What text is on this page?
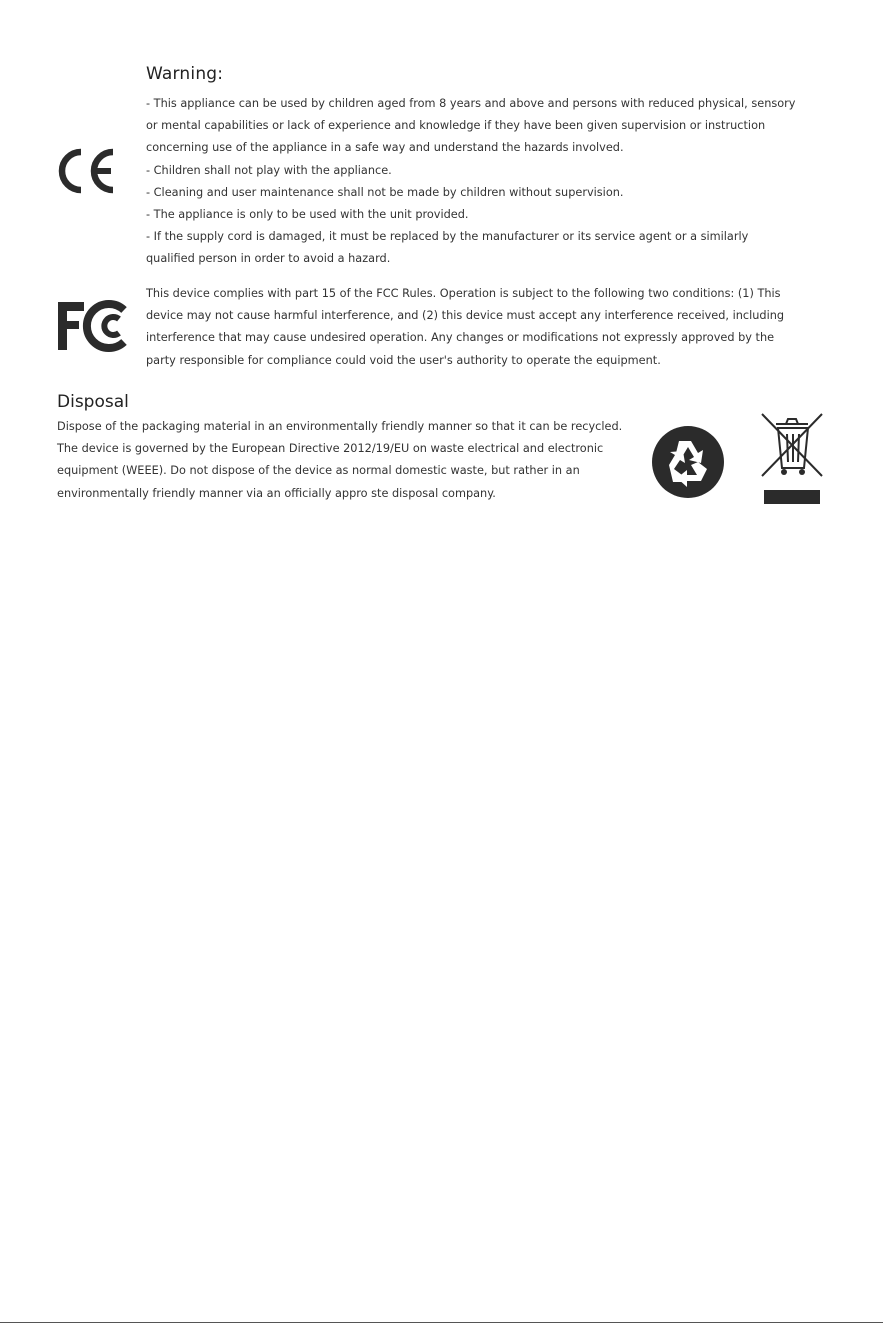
Warning:
- This appliance can be used by children aged from 8 years and above and persons with reduced physical, sensory
or mental capabilities or lack of experience and knowledge if they have been given supervision or instruction
concerning use of the appliance in a safe way and understand the hazards involved.
- Children shall not play with the appliance.
- Cleaning and user maintenance shall not be made by children without supervision.
- The appliance is only to be used with the unit provided.
- If the supply cord is damaged, it must be replaced by the manufacturer or its service agent or a similarly
qualified person in order to avoid a hazard.
This device complies with part 15 of the FCC Rules. Operation is subject to the following two conditions: (1) This
device may not cause harmful interference, and (2) this device must accept any interference received, including
interference that may cause undesired operation. Any changes or modifications not expressly approved by the
party responsible for compliance could void the user's authority to operate the equipment.
Disposal
Dispose of the packaging material in an environmentally friendly manner so that it can be recycled.
The device is governed by the European Directive 2012/19/EU on waste electrical and electronic
equipment (WEEE). Do not dispose of the device as normal domestic waste, but rather in an
environmentally friendly manner via an officially appro ste disposal company.
